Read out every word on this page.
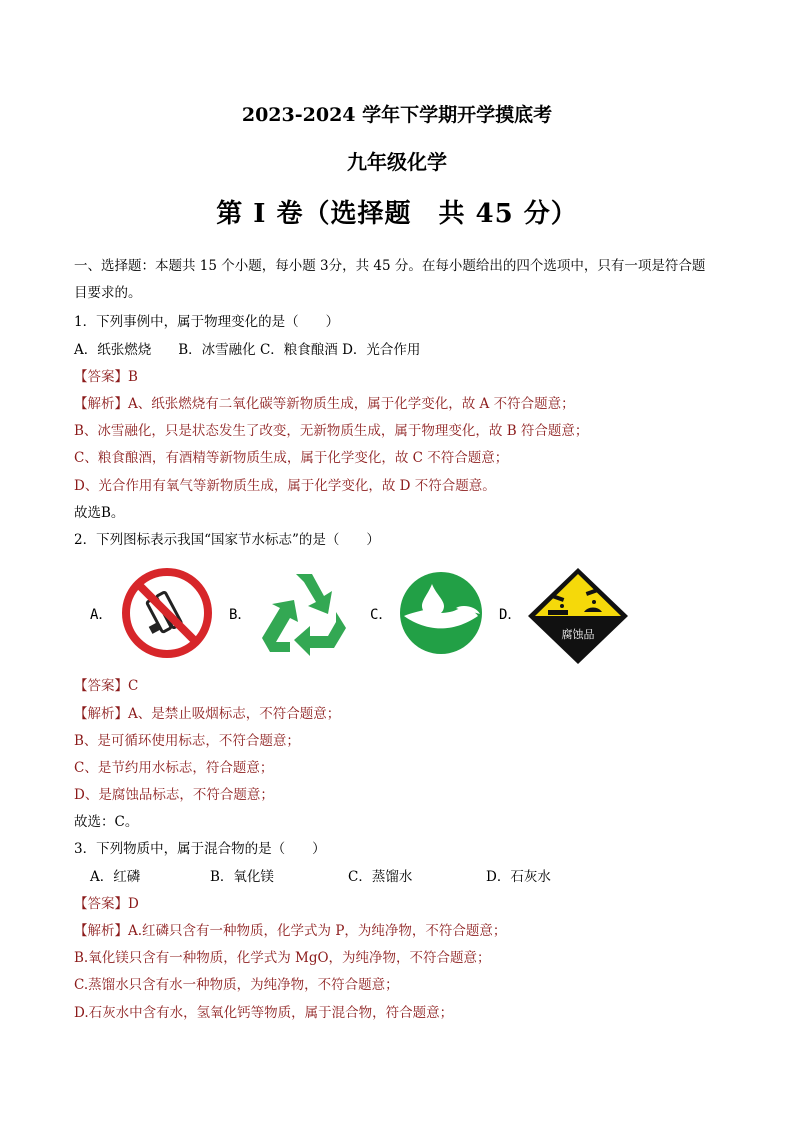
2023-2024 学年下学期开学摸底考
九年级化学
第 I 卷（选择题　共 45 分）
一、选择题：本题共 15 个小题，每小题 3分，共 45 分。在每小题给出的四个选项中，只有一项是符合题
目要求的。
1．下列事例中，属于物理变化的是（　　）
A．纸张燃烧　　B．冰雪融化 C．粮食酿酒 D．光合作用
【答案】B
【解析】A、纸张燃烧有二氧化碳等新物质生成，属于化学变化，故 A 不符合题意；
B、冰雪融化，只是状态发生了改变，无新物质生成，属于物理变化，故 B 符合题意；
C、粮食酿酒，有酒精等新物质生成，属于化学变化，故 C 不符合题意；
D、光合作用有氧气等新物质生成，属于化学变化，故 D 不符合题意。
故选B。
2．下列图标表示我国“国家节水标志”的是（　　）
A．	B．	C．	D．
腐蚀品
【答案】C
【解析】A、是禁止吸烟标志，不符合题意；
B、是可循环使用标志，不符合题意；
C、是节约用水标志，符合题意；
D、是腐蚀品标志，不符合题意；
故选：C。
3．下列物质中，属于混合物的是（　　）
A．红磷	B．氧化镁	C．蒸馏水	D．石灰水
【答案】D
【解析】A.红磷只含有一种物质，化学式为 P，为纯净物，不符合题意；
B.氧化镁只含有一种物质，化学式为 MgO，为纯净物，不符合题意；
C.蒸馏水只含有水一种物质，为纯净物，不符合题意；
D.石灰水中含有水，氢氧化钙等物质，属于混合物，符合题意；
